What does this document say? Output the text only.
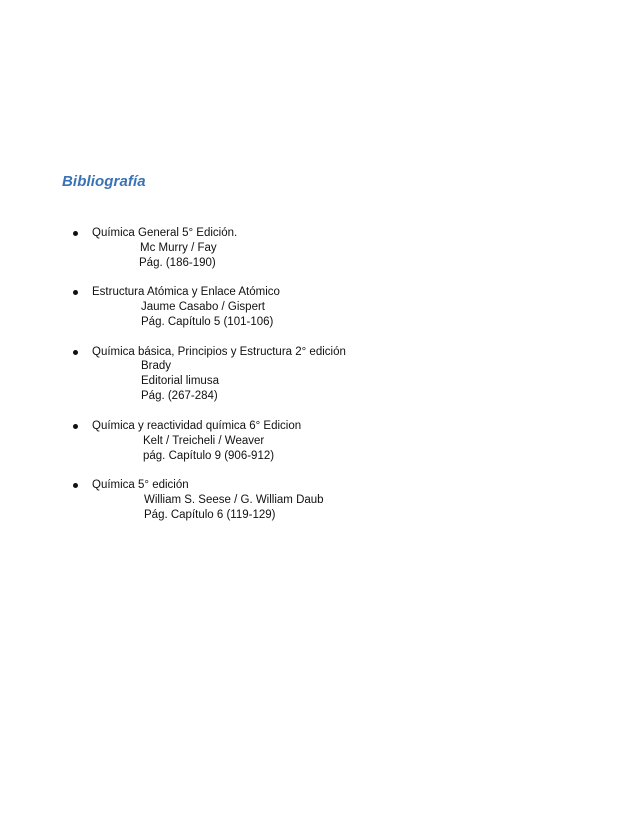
Bibliografía
Química General 5° Edición.
Mc Murry / Fay
Pág. (186-190)
Estructura Atómica y Enlace Atómico
Jaume Casabo / Gispert
Pág. Capítulo 5 (101-106)
Química básica, Principios y Estructura 2° edición
Brady
Editorial limusa
Pág. (267-284)
Química y reactividad química 6° Edicion
Kelt / Treicheli / Weaver
pág. Capítulo 9 (906-912)
Química 5° edición
William S. Seese / G. William Daub
Pág. Capítulo 6 (119-129)
